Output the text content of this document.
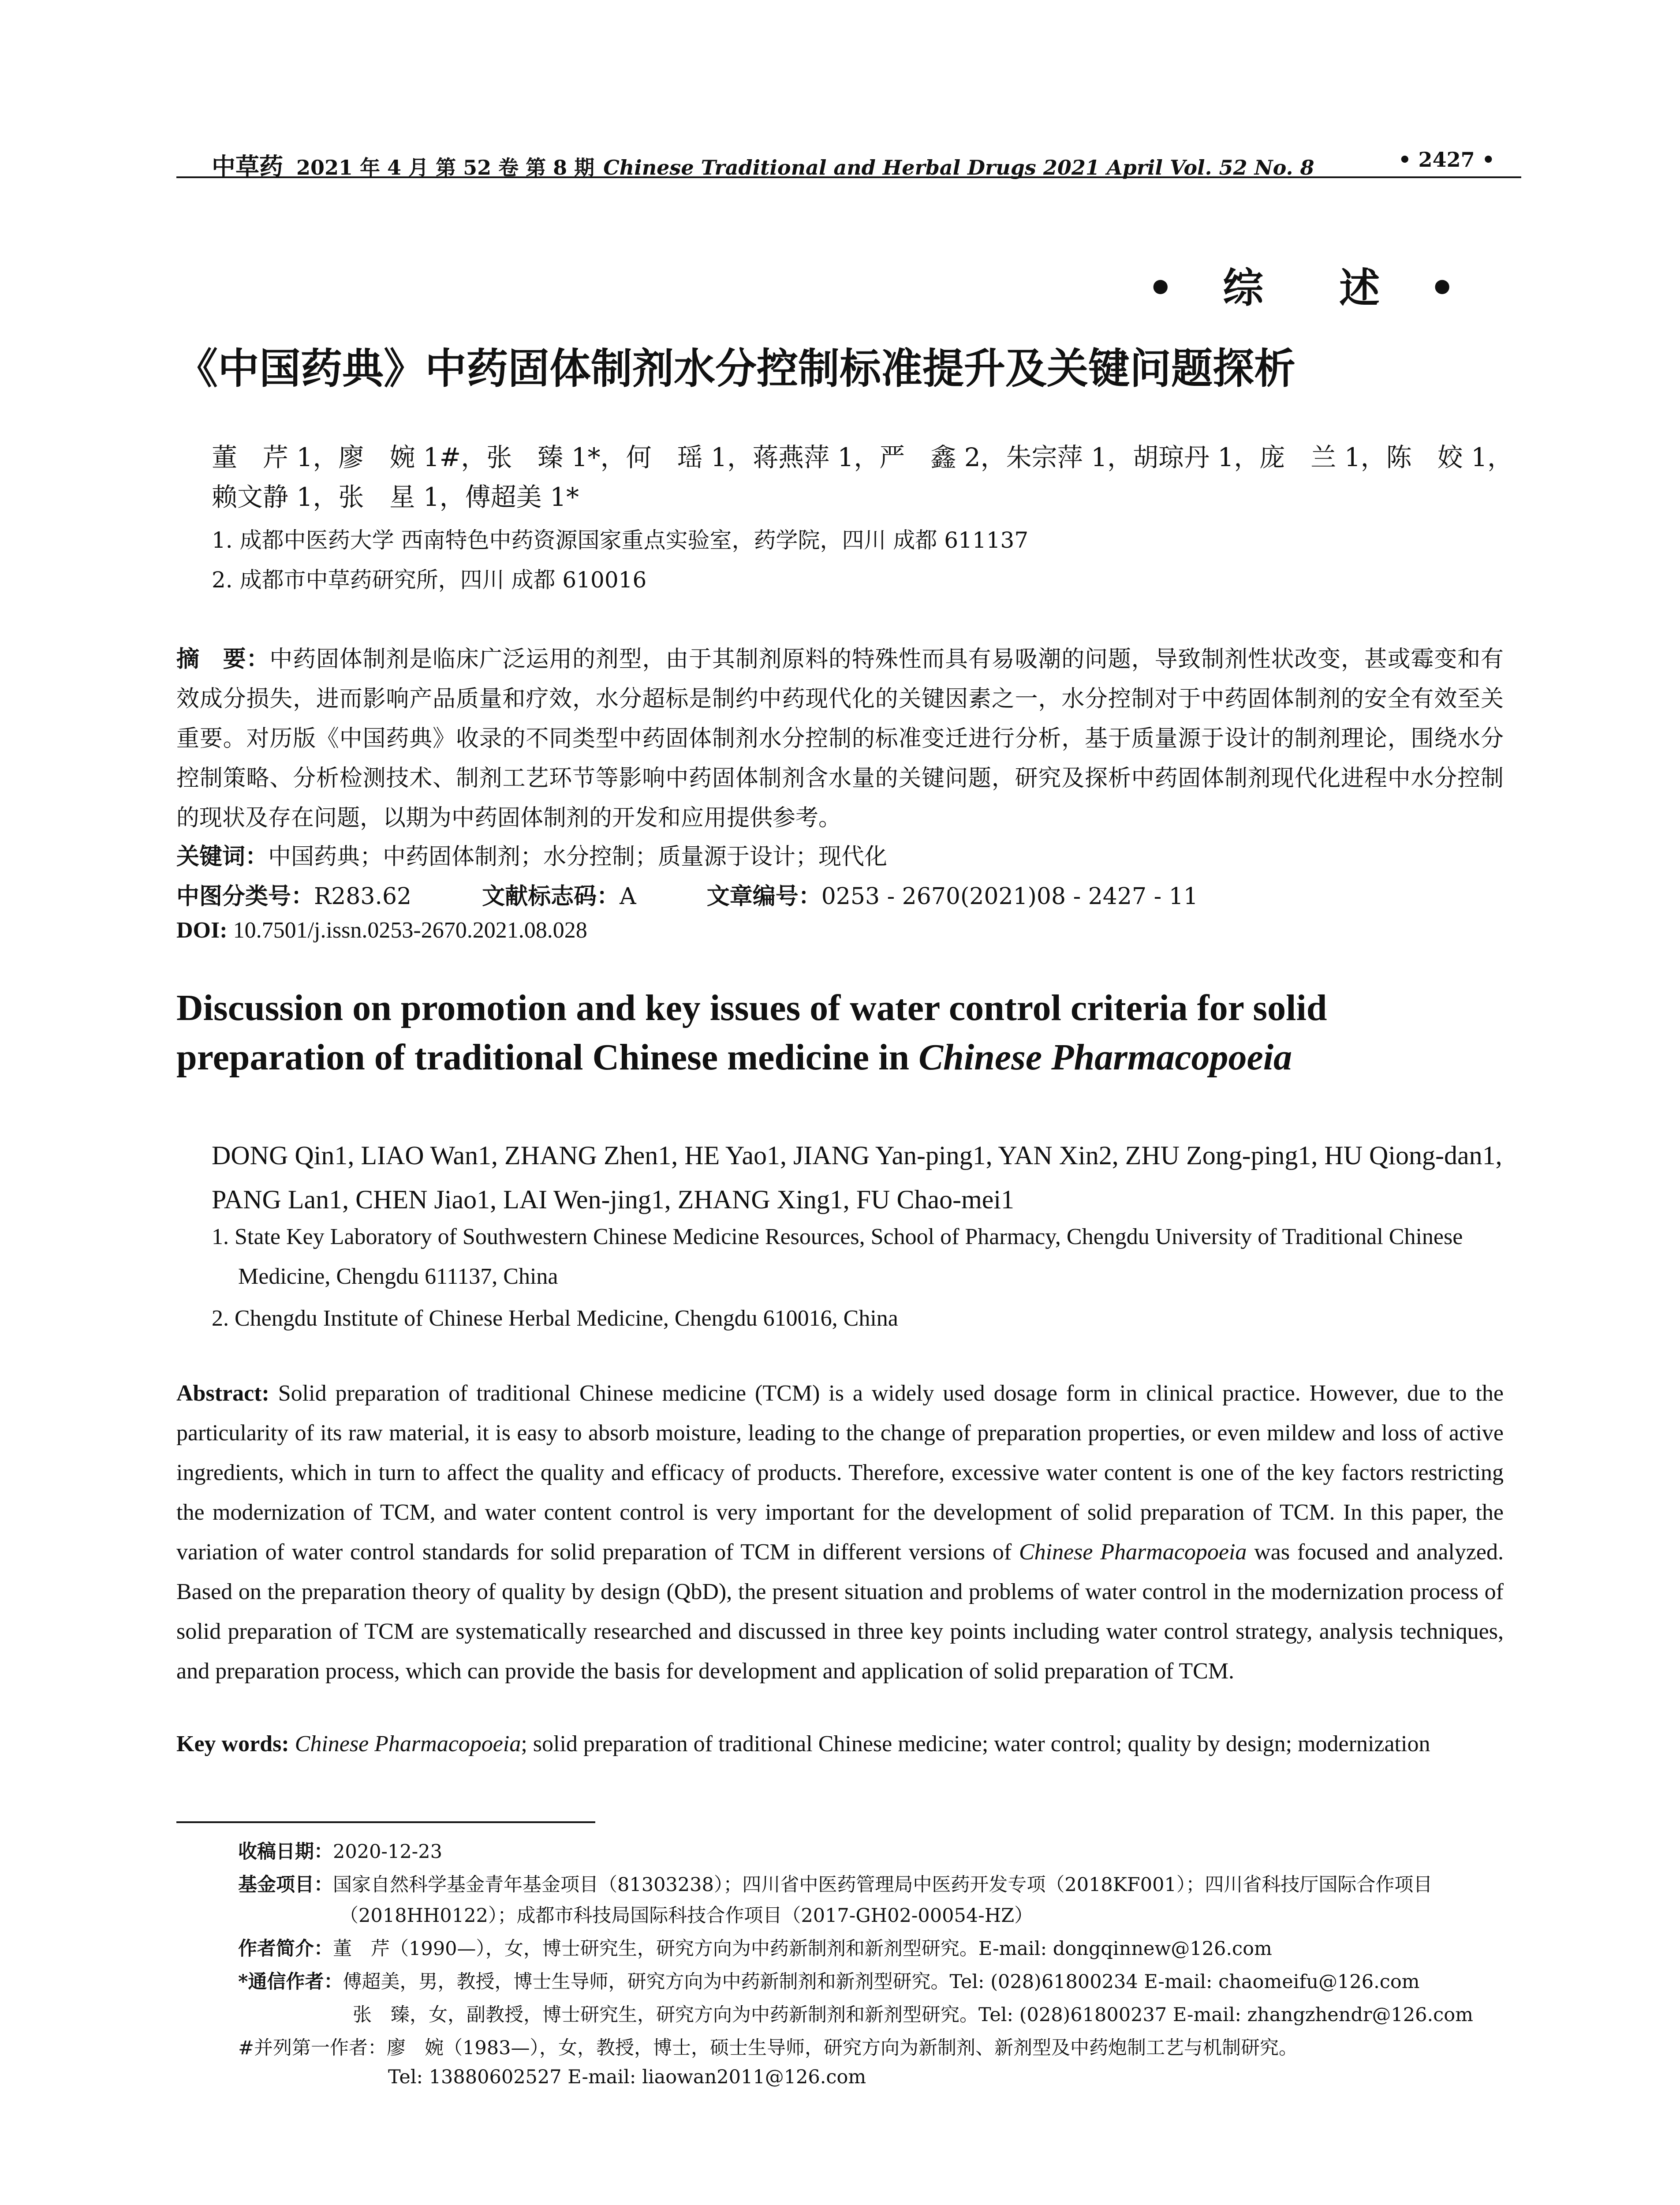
中草药 2021 年 4 月 第 52 卷 第 8 期 Chinese Traditional and Herbal Drugs 2021 April Vol. 52 No. 8	• 2427 •
• 综　述 •
《中国药典》中药固体制剂水分控制标准提升及关键问题探析
董　芹 1，廖　婉 1#，张　臻 1*，何　瑶 1，蒋燕萍 1，严　鑫 2，朱宗萍 1，胡琼丹 1，庞　兰 1，陈　姣 1，
赖文静 1，张　星 1，傅超美 1*
1. 成都中医药大学 西南特色中药资源国家重点实验室，药学院，四川 成都 611137
2. 成都市中草药研究所，四川 成都 610016
摘　要：中药固体制剂是临床广泛运用的剂型，由于其制剂原料的特殊性而具有易吸潮的问题，导致制剂性状改变，甚或霉变和有效成分损失，进而影响产品质量和疗效，水分超标是制约中药现代化的关键因素之一，水分控制对于中药固体制剂的安全有效至关重要。对历版《中国药典》收录的不同类型中药固体制剂水分控制的标准变迁进行分析，基于质量源于设计的制剂理论，围绕水分控制策略、分析检测技术、制剂工艺环节等影响中药固体制剂含水量的关键问题，研究及探析中药固体制剂现代化进程中水分控制的现状及存在问题，以期为中药固体制剂的开发和应用提供参考。
关键词：中国药典；中药固体制剂；水分控制；质量源于设计；现代化
中图分类号：R283.62	文献标志码：A	文章编号：0253 - 2670(2021)08 - 2427 - 11
DOI: 10.7501/j.issn.0253-2670.2021.08.028
Discussion on promotion and key issues of water control criteria for solid preparation of traditional Chinese medicine in Chinese Pharmacopoeia
DONG Qin1, LIAO Wan1, ZHANG Zhen1, HE Yao1, JIANG Yan-ping1, YAN Xin2, ZHU Zong-ping1, HU Qiong-dan1,
PANG Lan1, CHEN Jiao1, LAI Wen-jing1, ZHANG Xing1, FU Chao-mei1
1. State Key Laboratory of Southwestern Chinese Medicine Resources, School of Pharmacy, Chengdu University of Traditional Chinese Medicine, Chengdu 611137, China
2. Chengdu Institute of Chinese Herbal Medicine, Chengdu 610016, China
Abstract: Solid preparation of traditional Chinese medicine (TCM) is a widely used dosage form in clinical practice. However, due to the particularity of its raw material, it is easy to absorb moisture, leading to the change of preparation properties, or even mildew and loss of active ingredients, which in turn to affect the quality and efficacy of products. Therefore, excessive water content is one of the key factors restricting the modernization of TCM, and water content control is very important for the development of solid preparation of TCM. In this paper, the variation of water control standards for solid preparation of TCM in different versions of Chinese Pharmacopoeia was focused and analyzed. Based on the preparation theory of quality by design (QbD), the present situation and problems of water control in the modernization process of solid preparation of TCM are systematically researched and discussed in three key points including water control strategy, analysis techniques, and preparation process, which can provide the basis for development and application of solid preparation of TCM.
Key words: Chinese Pharmacopoeia; solid preparation of traditional Chinese medicine; water control; quality by design; modernization
收稿日期：2020-12-23
基金项目：国家自然科学基金青年基金项目（81303238）；四川省中医药管理局中医药开发专项（2018KF001）；四川省科技厅国际合作项目
（2018HH0122）；成都市科技局国际科技合作项目（2017-GH02-00054-HZ）
作者简介：董　芹（1990—），女，博士研究生，研究方向为中药新制剂和新剂型研究。E-mail: dongqinnew@126.com
*通信作者：傅超美，男，教授，博士生导师，研究方向为中药新制剂和新剂型研究。Tel: (028)61800234 E-mail: chaomeifu@126.com
张　臻，女，副教授，博士研究生，研究方向为中药新制剂和新剂型研究。Tel: (028)61800237 E-mail: zhangzhendr@126.com
#并列第一作者：廖　婉（1983—），女，教授，博士，硕士生导师，研究方向为新制剂、新剂型及中药炮制工艺与机制研究。
Tel: 13880602527 E-mail: liaowan2011@126.com
